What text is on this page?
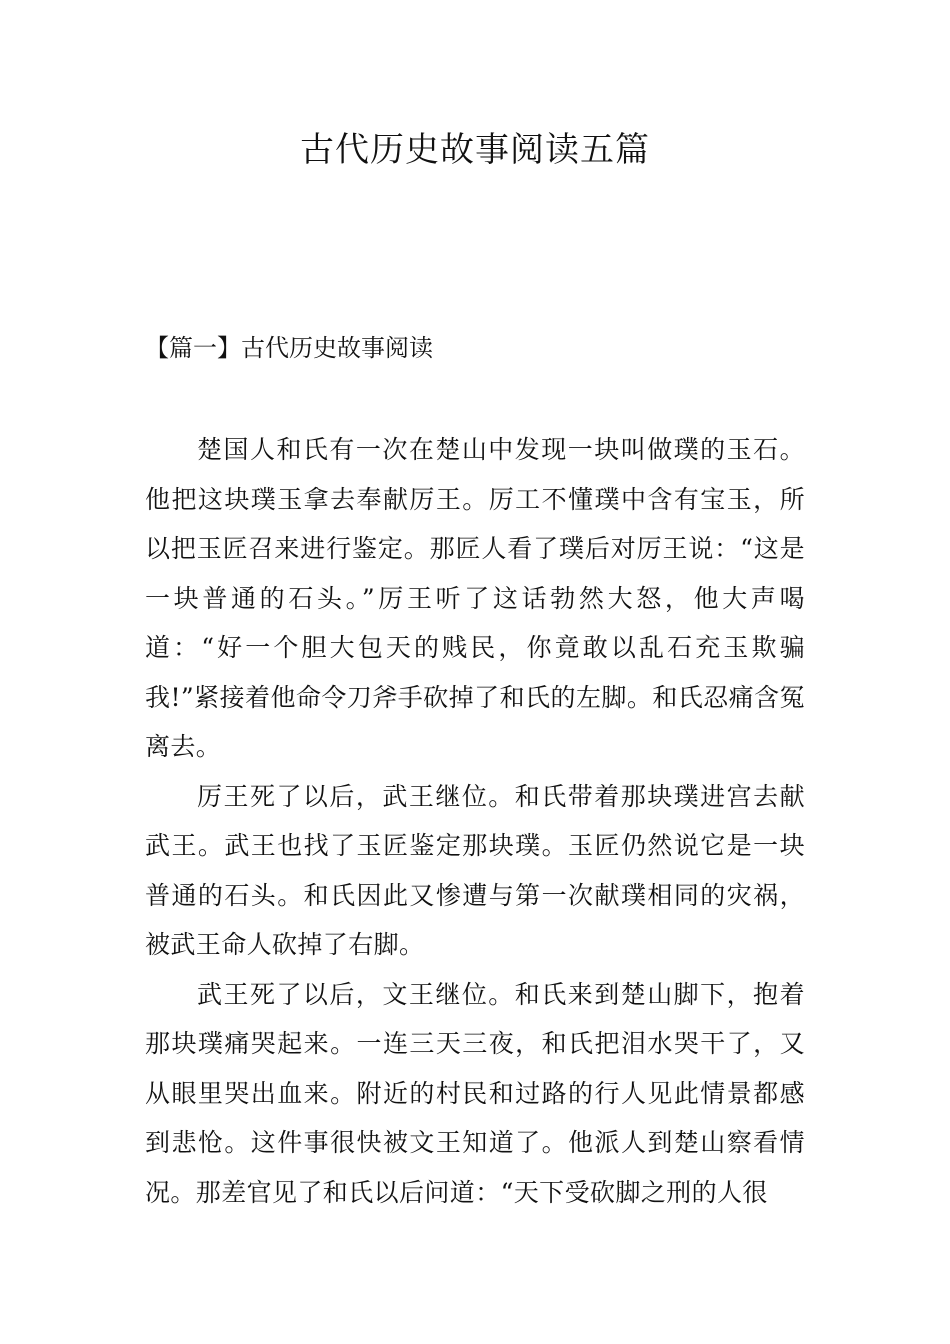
古代历史故事阅读五篇
【篇一】古代历史故事阅读

楚国人和氏有一次在楚山中发现一块叫做璞的玉石。他把这块璞玉拿去奉献厉王。厉工不懂璞中含有宝玉，所以把玉匠召来进行鉴定。那匠人看了璞后对厉王说：“这是一块普通的石头。”厉王听了这话勃然大怒，他大声喝道：“好一个胆大包天的贱民，你竟敢以乱石充玉欺骗我!”紧接着他命令刀斧手砍掉了和氏的左脚。和氏忍痛含冤离去。

厉王死了以后，武王继位。和氏带着那块璞进宫去献武王。武王也找了玉匠鉴定那块璞。玉匠仍然说它是一块普通的石头。和氏因此又惨遭与第一次献璞相同的灾祸，被武王命人砍掉了右脚。

武王死了以后，文王继位。和氏来到楚山脚下，抱着那块璞痛哭起来。一连三天三夜，和氏把泪水哭干了，又从眼里哭出血来。附近的村民和过路的行人见此情景都感到悲怆。这件事很快被文王知道了。他派人到楚山察看情况。那差官见了和氏以后问道：“天下受砍脚之刑的人很
